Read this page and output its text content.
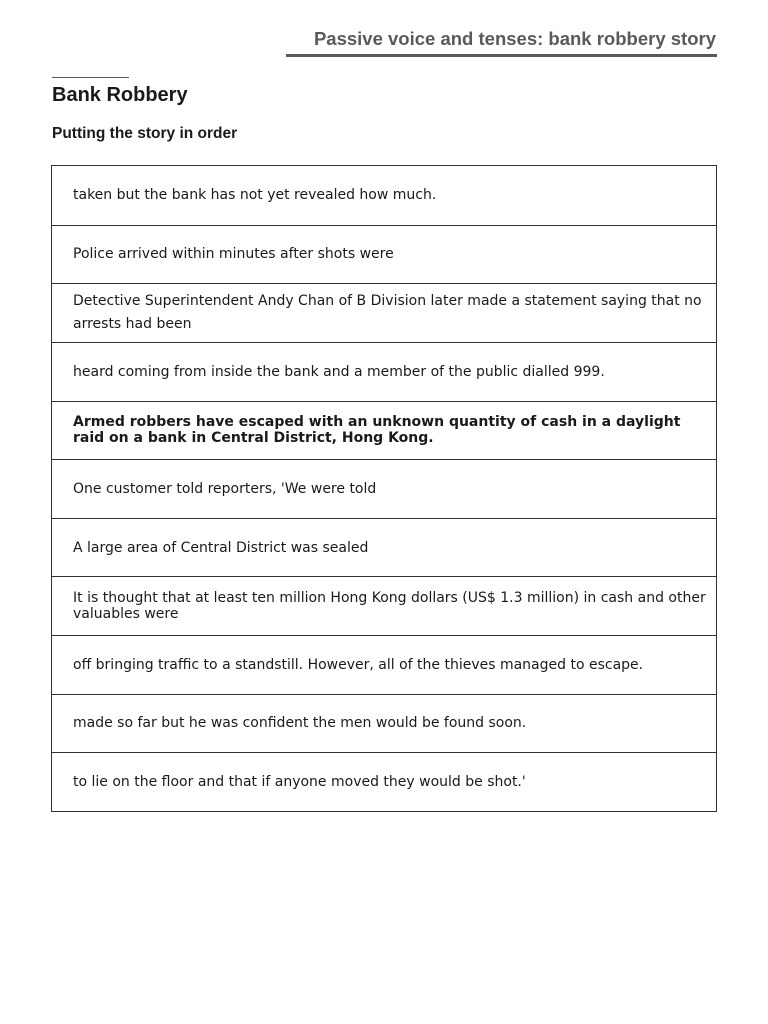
Passive voice and tenses: bank robbery story
Bank Robbery
Putting the story in order
taken but the bank has not yet revealed how much.
Police arrived within minutes after shots were
Detective Superintendent Andy Chan of B Division later made a statement saying that no arrests had been
heard coming from inside the bank and a member of the public dialled 999.
Armed robbers have escaped with an unknown quantity of cash in a daylight raid on a bank in Central District, Hong Kong.
One customer told reporters, 'We were told
A large area of Central District was sealed
It is thought that at least ten million Hong Kong dollars (US$ 1.3 million) in cash and other valuables were
off bringing traffic to a standstill. However, all of the thieves managed to escape.
made so far but he was confident the men would be found soon.
to lie on the floor and that if anyone moved they would be shot.'
